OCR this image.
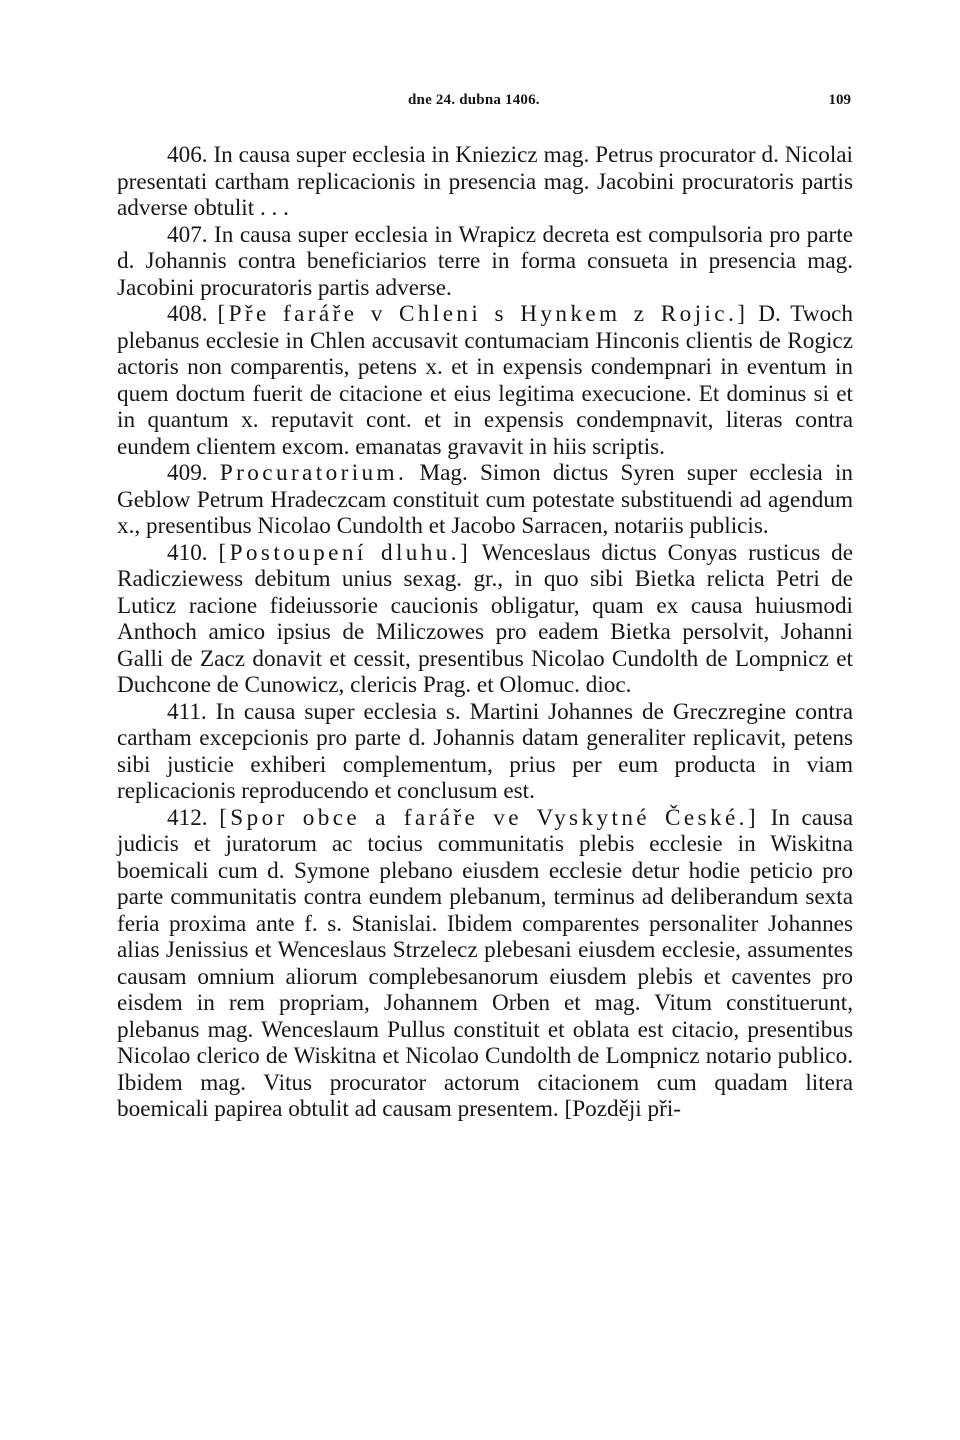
dne 24. dubna 1406.	109

406. In causa super ecclesia in Kniezicz mag. Petrus procurator d. Nicolai presentati cartham replicacionis in presencia mag. Jacobini procuratoris partis adverse obtulit . . .

407. In causa super ecclesia in Wrapicz decreta est compulsoria pro parte d. Johannis contra beneficiarios terre in forma consueta in presencia mag. Jacobini procuratoris partis adverse.

408. [Pře faráře v Chleni s Hynkem z Rojic.] D. Twoch plebanus ecclesie in Chlen accusavit contumaciam Hinconis clientis de Rogicz actoris non comparentis, petens x. et in expensis condempnari in eventum in quem doctum fuerit de citacione et eius legitima execucione. Et dominus si et in quantum x. reputavit cont. et in expensis condempnavit, literas contra eundem clientem excom. emanatas gravavit in hiis scriptis.

409. Procuratorium. Mag. Simon dictus Syren super ecclesia in Geblow Petrum Hradeczcam constituit cum potestate substituendi ad agendum x., presentibus Nicolao Cundolth et Jacobo Sarracen, notariis publicis.

410. [Postoupení dluhu.] Wenceslaus dictus Conyas rusticus de Radicziewess debitum unius sexag. gr., in quo sibi Bietka relicta Petri de Luticz racione fideiussorie caucionis obligatur, quam ex causa huiusmodi Anthoch amico ipsius de Miliczowes pro eadem Bietka persolvit, Johanni Galli de Zacz donavit et cessit, presentibus Nicolao Cundolth de Lompnicz et Duchcone de Cunowicz, clericis Prag. et Olomuc. dioc.

411. In causa super ecclesia s. Martini Johannes de Greczregine contra cartham excepcionis pro parte d. Johannis datam generaliter replicavit, petens sibi justicie exhiberi complementum, prius per eum producta in viam replicacionis reproducendo et conclusum est.

412. [Spor obce a faráře ve Vyskytné České.] In causa judicis et juratorum ac tocius communitatis plebis ecclesie in Wiskitna boemicali cum d. Symone plebano eiusdem ecclesie detur hodie peticio pro parte communitatis contra eundem plebanum, terminus ad deliberandum sexta feria proxima ante f. s. Stanislai. Ibidem comparentes personaliter Johannes alias Jenissius et Wenceslaus Strzelecz plebesani eiusdem ecclesie, assumentes causam omnium aliorum complebesanorum eiusdem plebis et caventes pro eisdem in rem propriam, Johannem Orben et mag. Vitum constituerunt, plebanus mag. Wenceslaum Pullus constituit et oblata est citacio, presentibus Nicolao clerico de Wiskitna et Nicolao Cundolth de Lompnicz notario publico. Ibidem mag. Vitus procurator actorum citacionem cum quadam litera boemicali papirea obtulit ad causam presentem. [Později při-
